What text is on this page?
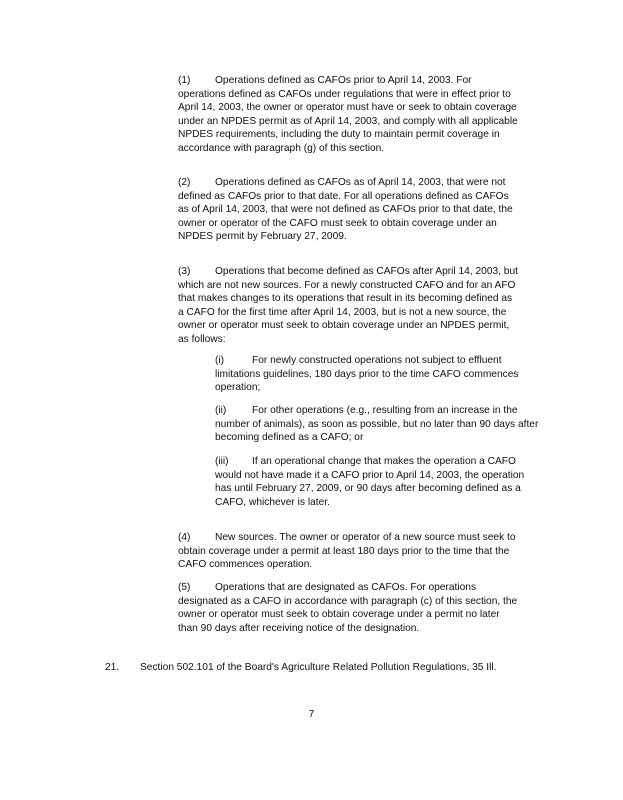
(1) Operations defined as CAFOs prior to April 14, 2003. For operations defined as CAFOs under regulations that were in effect prior to April 14, 2003, the owner or operator must have or seek to obtain coverage under an NPDES permit as of April 14, 2003, and comply with all applicable NPDES requirements, including the duty to maintain permit coverage in accordance with paragraph (g) of this section.

(2) Operations defined as CAFOs as of April 14, 2003, that were not defined as CAFOs prior to that date. For all operations defined as CAFOs as of April 14, 2003, that were not defined as CAFOs prior to that date, the owner or operator of the CAFO must seek to obtain coverage under an NPDES permit by February 27, 2009.

(3) Operations that become defined as CAFOs after April 14, 2003, but which are not new sources. For a newly constructed CAFO and for an AFO that makes changes to its operations that result in its becoming defined as a CAFO for the first time after April 14, 2003, but is not a new source, the owner or operator must seek to obtain coverage under an NPDES permit, as follows:

(i)	For newly constructed operations not subject to effluent limitations guidelines, 180 days prior to the time CAFO commences operation;

(ii)	For other operations (e.g., resulting from an increase in the number of animals), as soon as possible, but no later than 90 days after becoming defined as a CAFO; or

(iii) If an operational change that makes the operation a CAFO would not have made it a CAFO prior to April 14, 2003, the operation has until February 27, 2009, or 90 days after becoming defined as a CAFO, whichever is later.

(4) New sources. The owner or operator of a new source must seek to obtain coverage under a permit at least 180 days prior to the time that the CAFO commences operation.

(5) Operations that are designated as CAFOs. For operations designated as a CAFO in accordance with paragraph (c) of this section, the owner or operator must seek to obtain coverage under a permit no later than 90 days after receiving notice of the designation.

21. Section 502.101 of the Board's Agriculture Related Pollution Regulations, 35 Ill.

7
